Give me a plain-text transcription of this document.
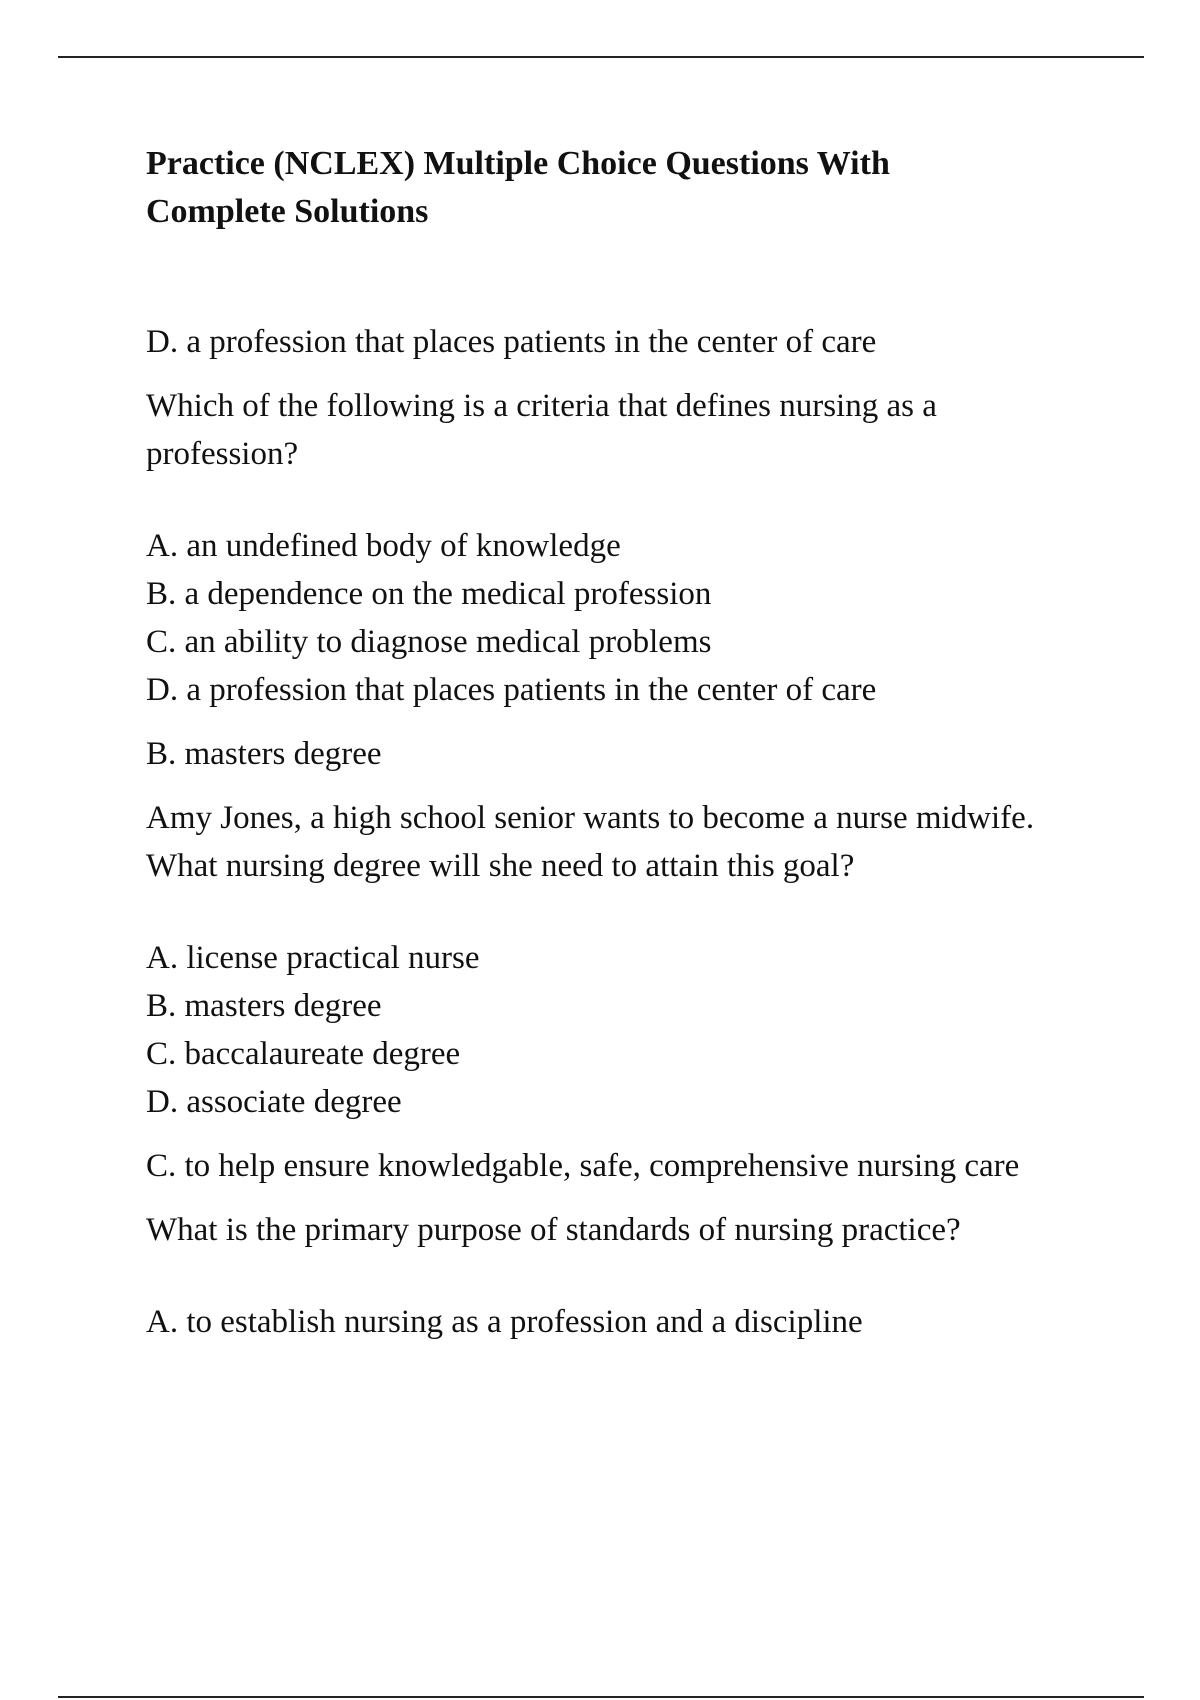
Practice (NCLEX) Multiple Choice Questions With
Complete Solutions

D. a profession that places patients in the center of care

Which of the following is a criteria that defines nursing as a profession?

A. an undefined body of knowledge
B. a dependence on the medical profession
C. an ability to diagnose medical problems
D. a profession that places patients in the center of care

B. masters degree

Amy Jones, a high school senior wants to become a nurse midwife. What nursing degree will she need to attain this goal?

A. license practical nurse
B. masters degree
C. baccalaureate degree
D. associate degree

C. to help ensure knowledgable, safe, comprehensive nursing care

What is the primary purpose of standards of nursing practice?

A. to establish nursing as a profession and a discipline
